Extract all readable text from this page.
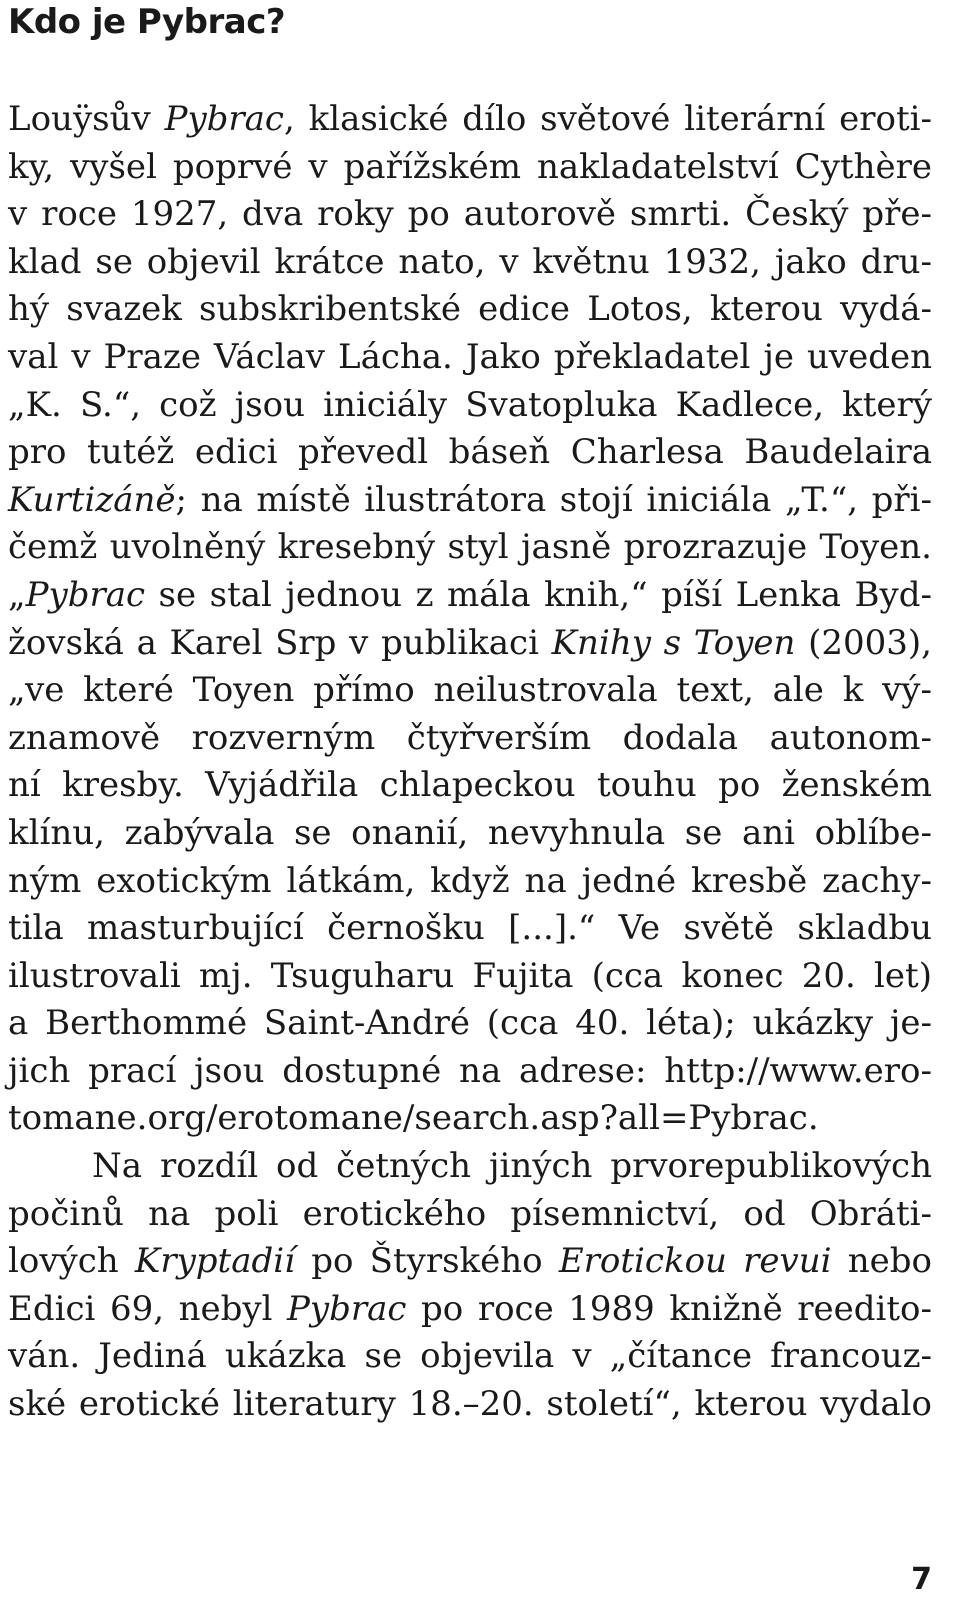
Kdo je Pybrac?
Louÿsův Pybrac, klasické dílo světové literární eroti-
ky, vyšel poprvé v pařížském nakladatelství Cythère
v roce 1927, dva roky po autorově smrti. Český pře-
klad se objevil krátce nato, v květnu 1932, jako dru-
hý svazek subskribentské edice Lotos, kterou vydá-
val v Praze Václav Lácha. Jako překladatel je uveden
„K. S.“, což jsou iniciály Svatopluka Kadlece, který
pro tutéž edici převedl báseň Charlesa Baudelaira
Kurtizáně; na místě ilustrátora stojí iniciála „T.“, při-
čemž uvolněný kresebný styl jasně prozrazuje Toyen.
„Pybrac se stal jednou z mála knih,“ píší Lenka Byd-
žovská a Karel Srp v publikaci Knihy s Toyen (2003),
„ve které Toyen přímo neilustrovala text, ale k vý-
znamově rozverným čtyřverším dodala autonom-
ní kresby. Vyjádřila chlapeckou touhu po ženském
klínu, zabývala se onanií, nevyhnula se ani oblíbe-
ným exotickým látkám, když na jedné kresbě zachy-
tila masturbující černošku [...].“ Ve světě skladbu
ilustrovali mj. Tsuguharu Fujita (cca konec 20. let)
a Berthommé Saint-André (cca 40. léta); ukázky je-
jich prací jsou dostupné na adrese: http://www.ero-
tomane.org/erotomane/search.asp?all=Pybrac.
Na rozdíl od četných jiných prvorepublikových
počinů na poli erotického písemnictví, od Obráti-
lových Kryptadií po Štyrského Erotickou revui nebo
Edici 69, nebyl Pybrac po roce 1989 knižně reedito-
ván. Jediná ukázka se objevila v „čítance francouz-
ské erotické literatury 18.–20. století“, kterou vydalo
7
